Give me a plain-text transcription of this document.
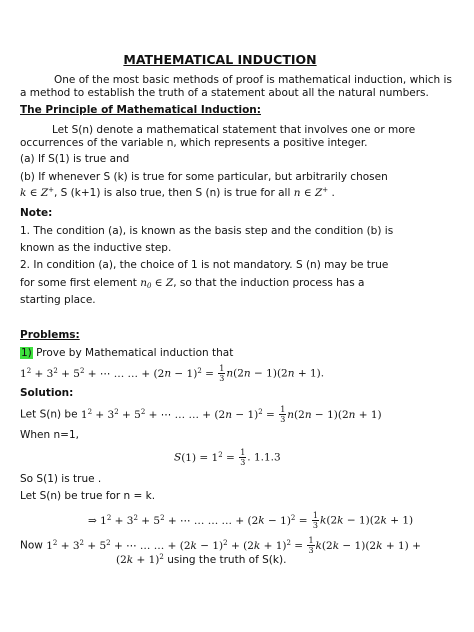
MATHEMATICAL INDUCTION
One of the most basic methods of proof is mathematical induction, which is
a method to establish the truth of a statement about all the natural numbers.
The Principle of Mathematical Induction:
Let S(n) denote a mathematical statement that involves one or more
occurrences of the variable n, which represents a positive integer.
(a) If S(1) is true and
(b) If whenever S (k) is true for some particular, but arbitrarily chosen
k ∈ Z+, S (k+1) is also true, then S (n) is true for all n ∈ Z+ .
Note:
1. The condition (a), is known as the basis step and the condition (b) is
known as the inductive step.
2. In condition (a), the choice of 1 is not mandatory. S (n) may be true
for some first element $n_0$ ∈ Z, so that the induction process has a
starting place.
Problems:
1) Prove by Mathematical induction that
$1^2 + 3^2 + 5^2$ + ⋯ … … + $(2n - 1)^2 = \frac{1}{3} n(2n - 1)(2n + 1)$.
Solution:
Let S(n) be $1^2 + 3^2 + 5^2$ + ⋯ … … + $(2n - 1)^2 = \frac{1}{3} n(2n - 1)(2n + 1)$
When n=1,
$S(1) = 1^2 = \frac{1}{3}$ . 1.1.3
So S(1) is true .
Let S(n) be true for n = k.
⇒ $1^2 + 3^2 + 5^2$ + ⋯ … … … + $(2k - 1)^2 = \frac{1}{3} k(2k - 1)(2k + 1)$
Now $1^2 + 3^2 + 5^2$ + ⋯ … … + $(2k - 1)^2 + (2k + 1)^2 = \frac{1}{3} k(2k - 1)(2k + 1)$ +
$(2k + 1)^2$ using the truth of S(k).
